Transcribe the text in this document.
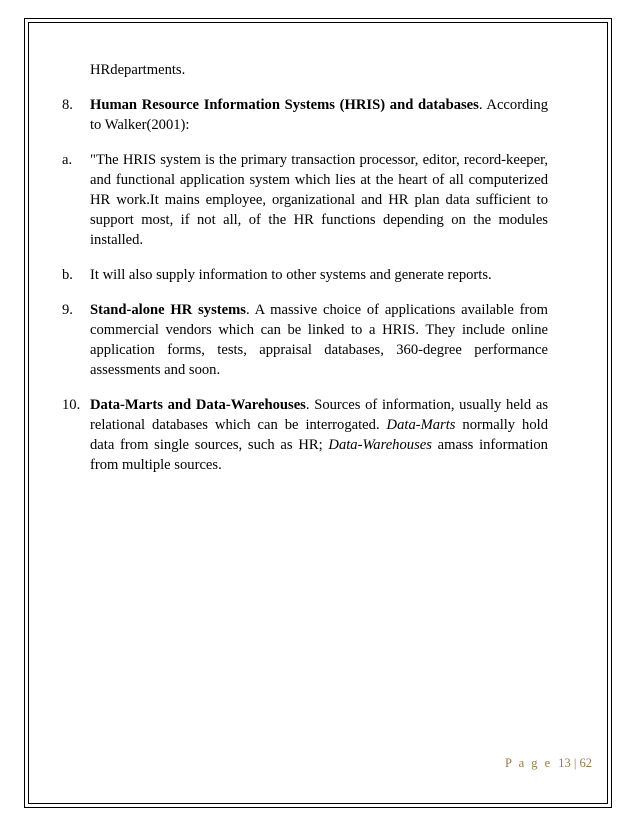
HRdepartments.

8. Human Resource Information Systems (HRIS) and databases. According to Walker(2001):

a. "The HRIS system is the primary transaction processor, editor, record-keeper, and functional application system which lies at the heart of all computerized HR work.It mains employee, organizational and HR plan data sufficient to support most, if not all, of the HR functions depending on the modules installed.

b. It will also supply information to other systems and generate reports.

9. Stand-alone HR systems. A massive choice of applications available from commercial vendors which can be linked to a HRIS. They include online application forms, tests, appraisal databases, 360-degree performance assessments and soon.

10. Data-Marts and Data-Warehouses. Sources of information, usually held as relational databases which can be interrogated. Data-Marts normally hold data from single sources, such as HR; Data-Warehouses amass information from multiple sources.

P a g e 13 | 62
